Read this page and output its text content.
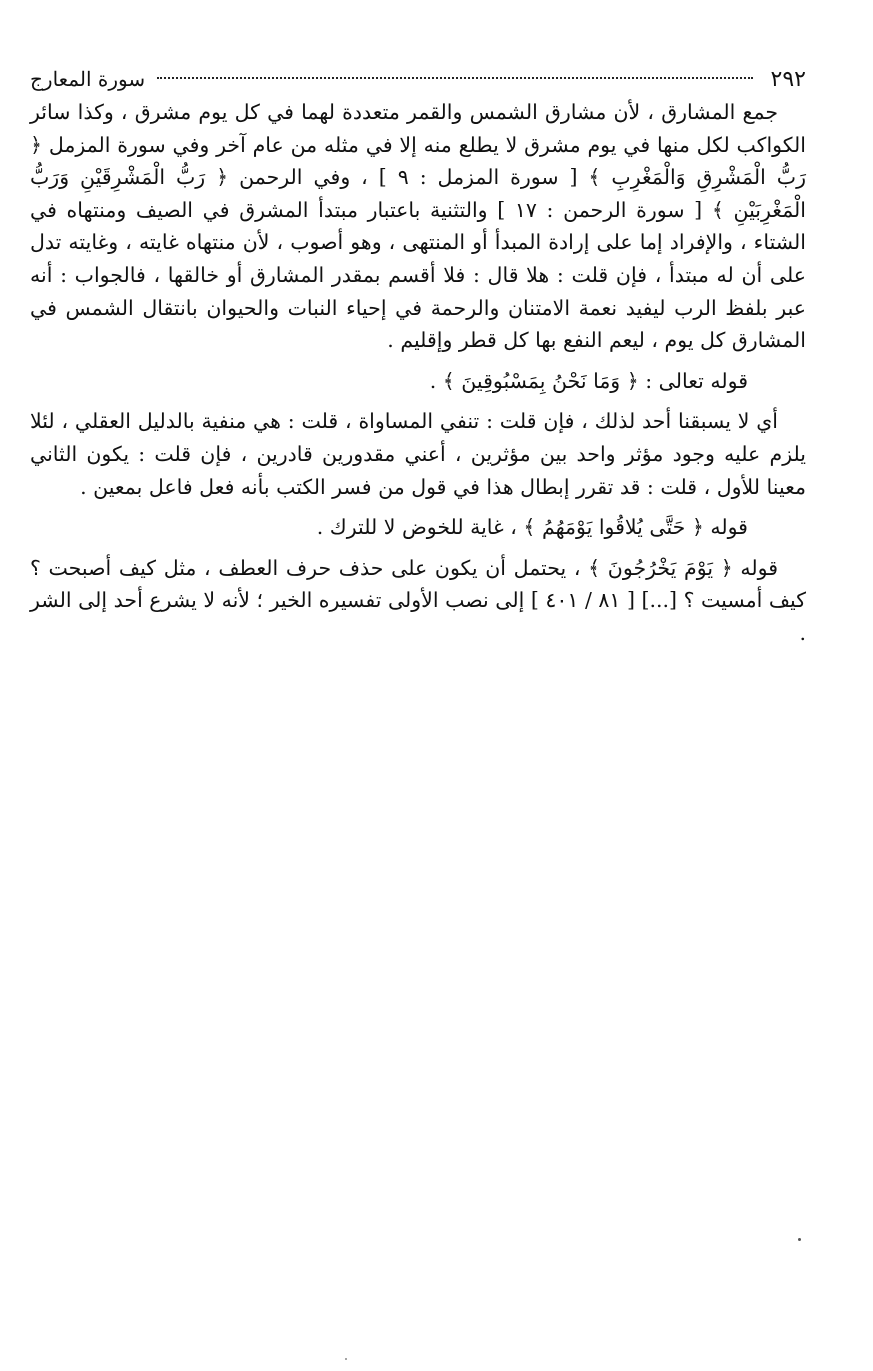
٢٩٢
سورة المعارج

جمع المشارق ، لأن مشارق الشمس والقمر متعددة لهما في كل يوم مشرق ، وكذا سائر الكواكب لكل منها في يوم مشرق لا يطلع منه إلا في مثله من عام آخر وفي سورة المزمل ﴿ رَبُّ الْمَشْرِقِ وَالْمَغْرِبِ ﴾ [ سورة المزمل : ٩ ] ، وفي الرحمن ﴿ رَبُّ الْمَشْرِقَيْنِ وَرَبُّ الْمَغْرِبَيْنِ ﴾ [ سورة الرحمن : ١٧ ] والتثنية باعتبار مبتدأ المشرق في الصيف ومنتهاه في الشتاء ، والإفراد إما على إرادة المبدأ أو المنتهى ، وهو أصوب ، لأن منتهاه غايته ، وغايته تدل على أن له مبتدأ ، فإن قلت : هلا قال : فلا أقسم بمقدر المشارق أو خالقها ، فالجواب : أنه عبر بلفظ الرب ليفيد نعمة الامتنان والرحمة في إحياء النبات والحيوان بانتقال الشمس في المشارق كل يوم ، ليعم النفع بها كل قطر وإقليم .

قوله تعالى : ﴿ وَمَا نَحْنُ بِمَسْبُوقِينَ ﴾ .

أي لا يسبقنا أحد لذلك ، فإن قلت : تنفي المساواة ، قلت : هي منفية بالدليل العقلي ، لئلا يلزم عليه وجود مؤثر واحد بين مؤثرين ، أعني مقدورين قادرين ، فإن قلت : يكون الثاني معينا للأول ، قلت : قد تقرر إبطال هذا في قول من فسر الكتب بأنه فعل فاعل بمعين .

قوله ﴿ حَتَّى يُلاقُوا يَوْمَهُمُ ﴾ ، غاية للخوض لا للترك .

قوله ﴿ يَوْمَ يَخْرُجُونَ ﴾ ، يحتمل أن يكون على حذف حرف العطف ، مثل كيف أصبحت ؟ كيف أمسيت ؟ [...] [ ٨١ / ٤٠١ ] إلى نصب الأولى تفسيره الخير ؛ لأنه لا يشرع أحد إلى الشر .
